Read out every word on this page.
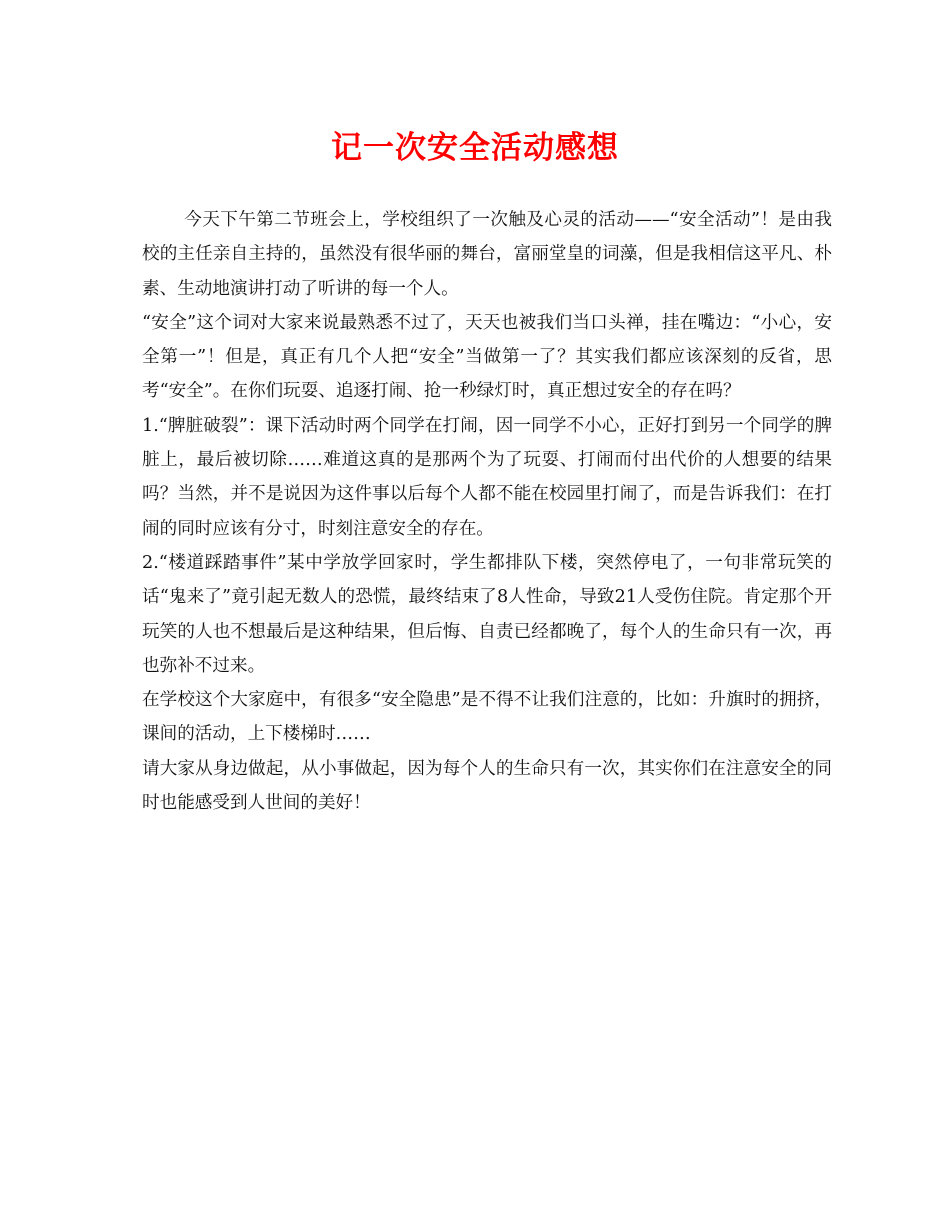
记一次安全活动感想

今天下午第二节班会上，学校组织了一次触及心灵的活动——“安全活动”！是由我校的主任亲自主持的，虽然没有很华丽的舞台，富丽堂皇的词藻，但是我相信这平凡、朴素、生动地演讲打动了听讲的每一个人。

“安全”这个词对大家来说最熟悉不过了，天天也被我们当口头禅，挂在嘴边：“小心，安全第一”！但是，真正有几个人把“安全”当做第一了？其实我们都应该深刻的反省，思考“安全”。在你们玩耍、追逐打闹、抢一秒绿灯时，真正想过安全的存在吗？

1.“脾脏破裂”：课下活动时两个同学在打闹，因一同学不小心，正好打到另一个同学的脾脏上，最后被切除……难道这真的是那两个为了玩耍、打闹而付出代价的人想要的结果吗？当然，并不是说因为这件事以后每个人都不能在校园里打闹了，而是告诉我们：在打闹的同时应该有分寸，时刻注意安全的存在。

2.“楼道踩踏事件”某中学放学回家时，学生都排队下楼，突然停电了，一句非常玩笑的话“鬼来了”竟引起无数人的恐慌，最终结束了8人性命，导致21人受伤住院。肯定那个开玩笑的人也不想最后是这种结果，但后悔、自责已经都晚了，每个人的生命只有一次，再也弥补不过来。

在学校这个大家庭中，有很多“安全隐患”是不得不让我们注意的，比如：升旗时的拥挤，课间的活动，上下楼梯时……

请大家从身边做起，从小事做起，因为每个人的生命只有一次，其实你们在注意安全的同时也能感受到人世间的美好！
